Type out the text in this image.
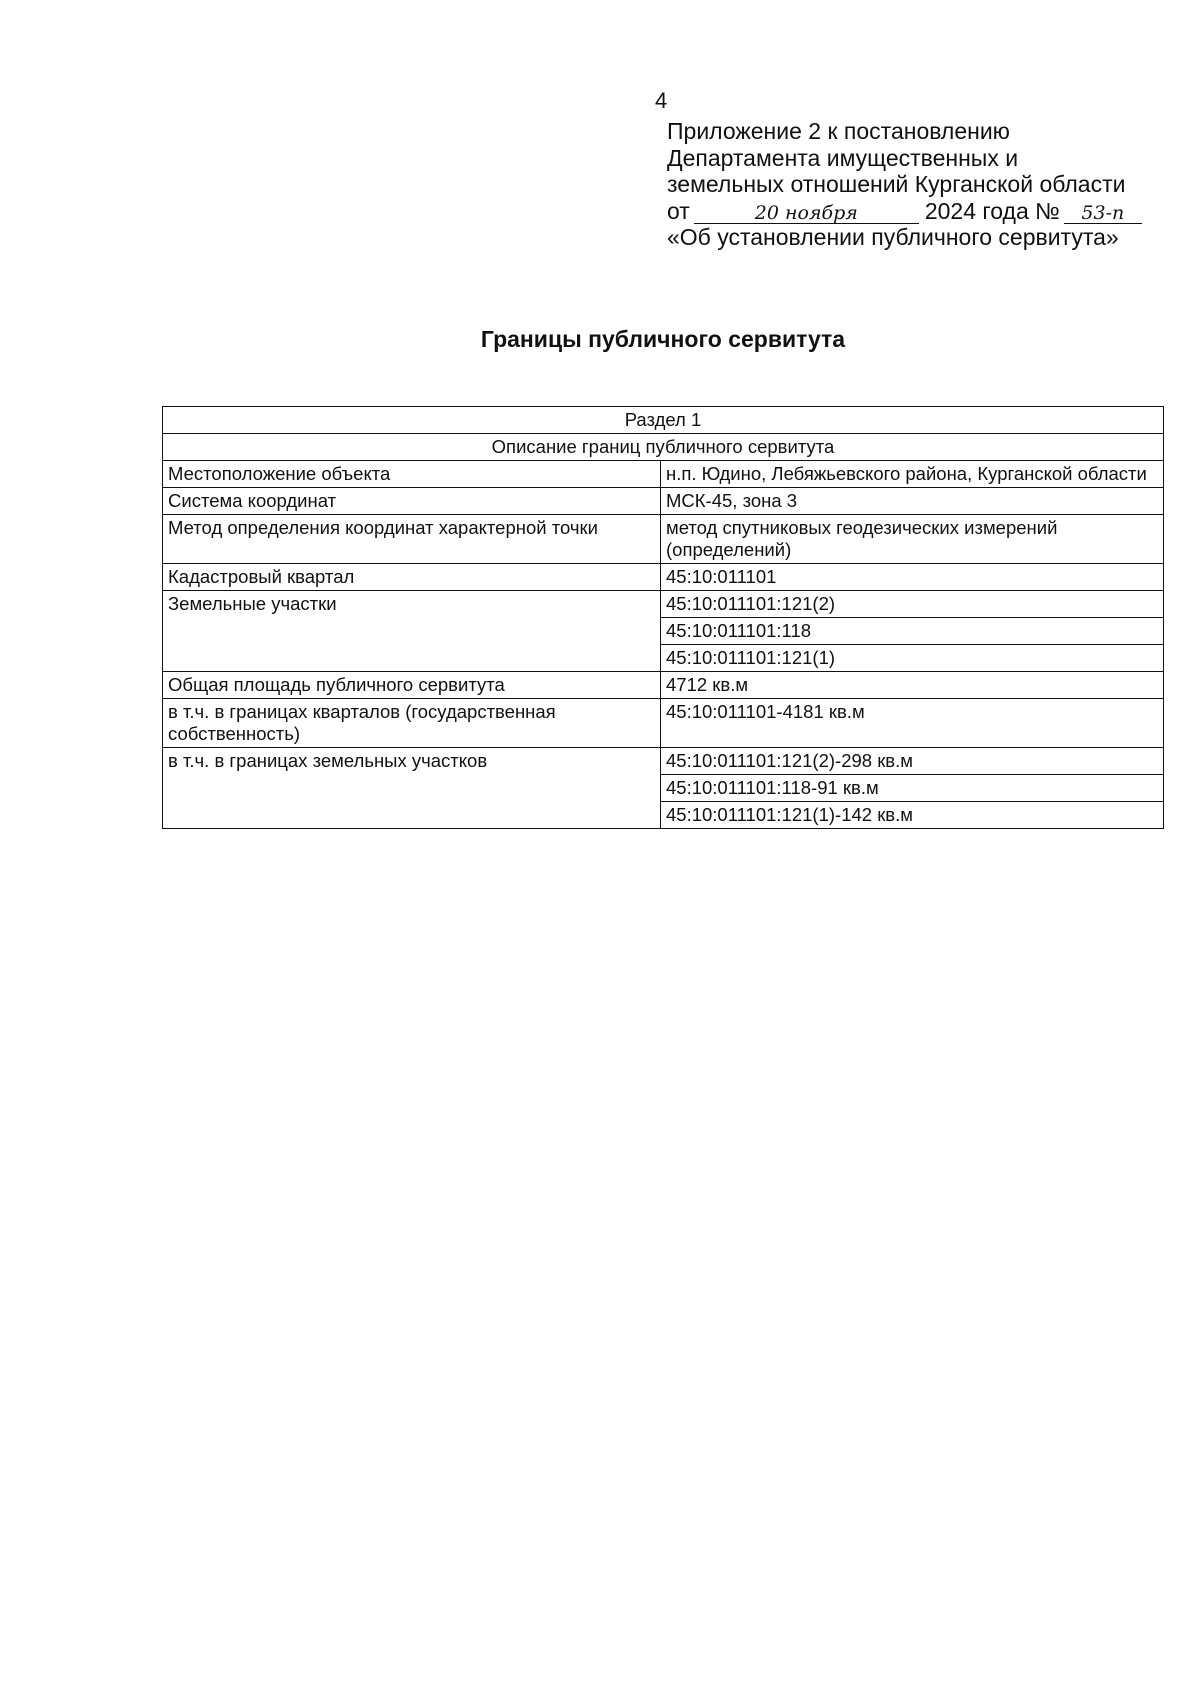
4
Приложение 2 к постановлению
Департамента имущественных и
земельных отношений Курганской области
от	20 ноября	2024 года № 53-п
«Об установлении публичного сервитута»
Границы публичного сервитута
Раздел 1	
Описание границ публичного сервитута	
Местоположение объекта	н.п. Юдино, Лебяжьевского района, Курганской области
Система координат	МСК-45, зона 3
Метод определения координат характерной точки	метод спутниковых геодезических измерений (определений)
Кадастровый квартал	45:10:011101
Земельные участки	45:10:011101:121(2)
	45:10:011101:118
	45:10:011101:121(1)
Общая площадь публичного сервитута	4712 кв.м
в т.ч. в границах кварталов (государственная собственность)	45:10:011101-4181 кв.м
в т.ч. в границах земельных участков	45:10:011101:121(2)-298 кв.м
	45:10:011101:118-91 кв.м
	45:10:011101:121(1)-142 кв.м
